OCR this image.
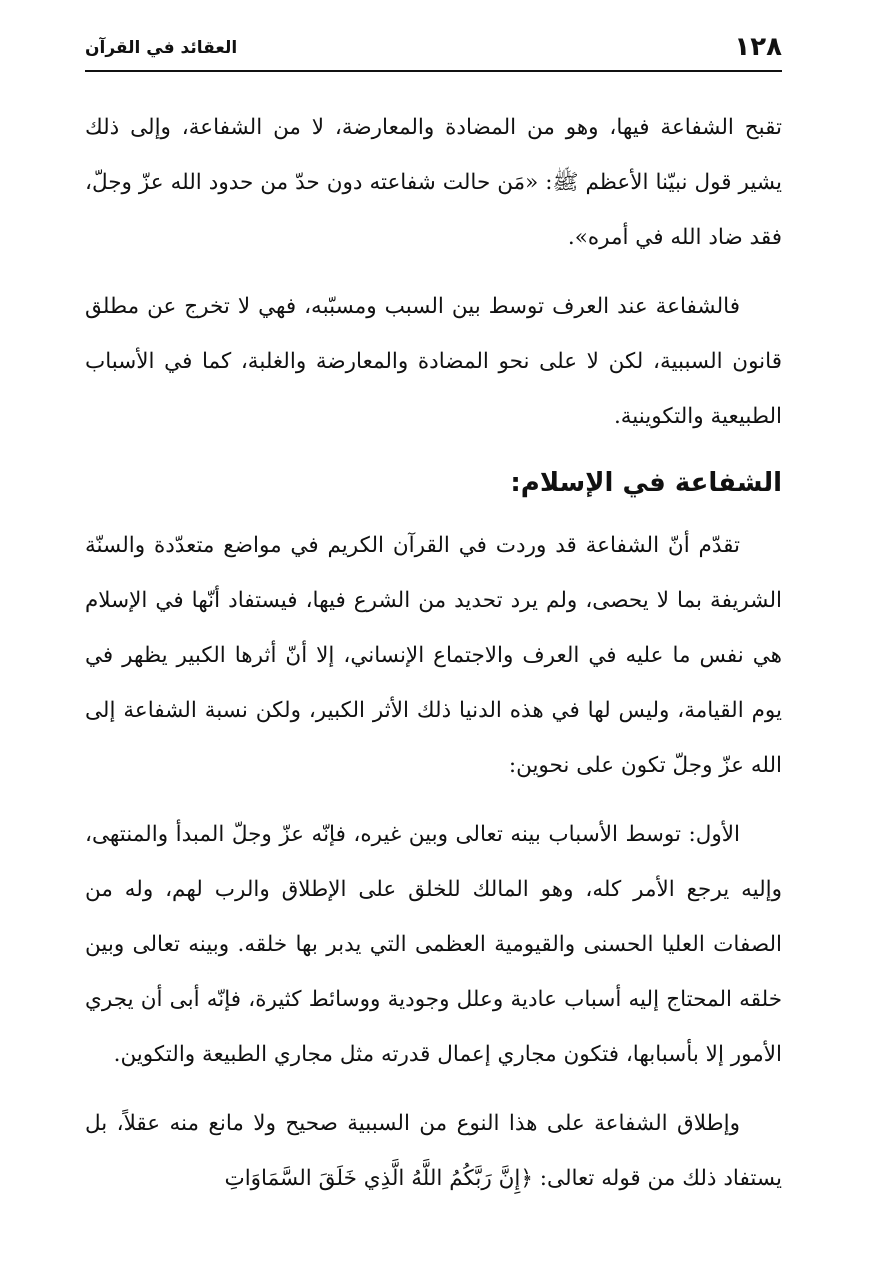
١٢٨
العقائد في القرآن

تقبح الشفاعة فيها، وهو من المضادة والمعارضة، لا من الشفاعة، وإلى ذلك يشير قول نبيّنا الأعظم ﷺ: «مَن حالت شفاعته دون حدّ من حدود الله عزّ وجلّ، فقد ضاد الله في أمره».

فالشفاعة عند العرف توسط بين السبب ومسبّبه، فهي لا تخرج عن مطلق قانون السببية، لكن لا على نحو المضادة والمعارضة والغلبة، كما في الأسباب الطبيعية والتكوينية.

الشفاعة في الإسلام:

تقدّم أنّ الشفاعة قد وردت في القرآن الكريم في مواضع متعدّدة والسنّة الشريفة بما لا يحصى، ولم يرد تحديد من الشرع فيها، فيستفاد أنّها في الإسلام هي نفس ما عليه في العرف والاجتماع الإنساني، إلا أنّ أثرها الكبير يظهر في يوم القيامة، وليس لها في هذه الدنيا ذلك الأثر الكبير، ولكن نسبة الشفاعة إلى الله عزّ وجلّ تكون على نحوين:

الأول: توسط الأسباب بينه تعالى وبين غيره، فإنّه عزّ وجلّ المبدأ والمنتهى، وإليه يرجع الأمر كله، وهو المالك للخلق على الإطلاق والرب لهم، وله من الصفات العليا الحسنى والقيومية العظمى التي يدبر بها خلقه. وبينه تعالى وبين خلقه المحتاج إليه أسباب عادية وعلل وجودية ووسائط كثيرة، فإنّه أبى أن يجري الأمور إلا بأسبابها، فتكون مجاري إعمال قدرته مثل مجاري الطبيعة والتكوين.

وإطلاق الشفاعة على هذا النوع من السببية صحيح ولا مانع منه عقلاً، بل يستفاد ذلك من قوله تعالى: ﴿إِنَّ رَبَّكُمُ اللَّهُ الَّذِي خَلَقَ السَّمَاوَاتِ
